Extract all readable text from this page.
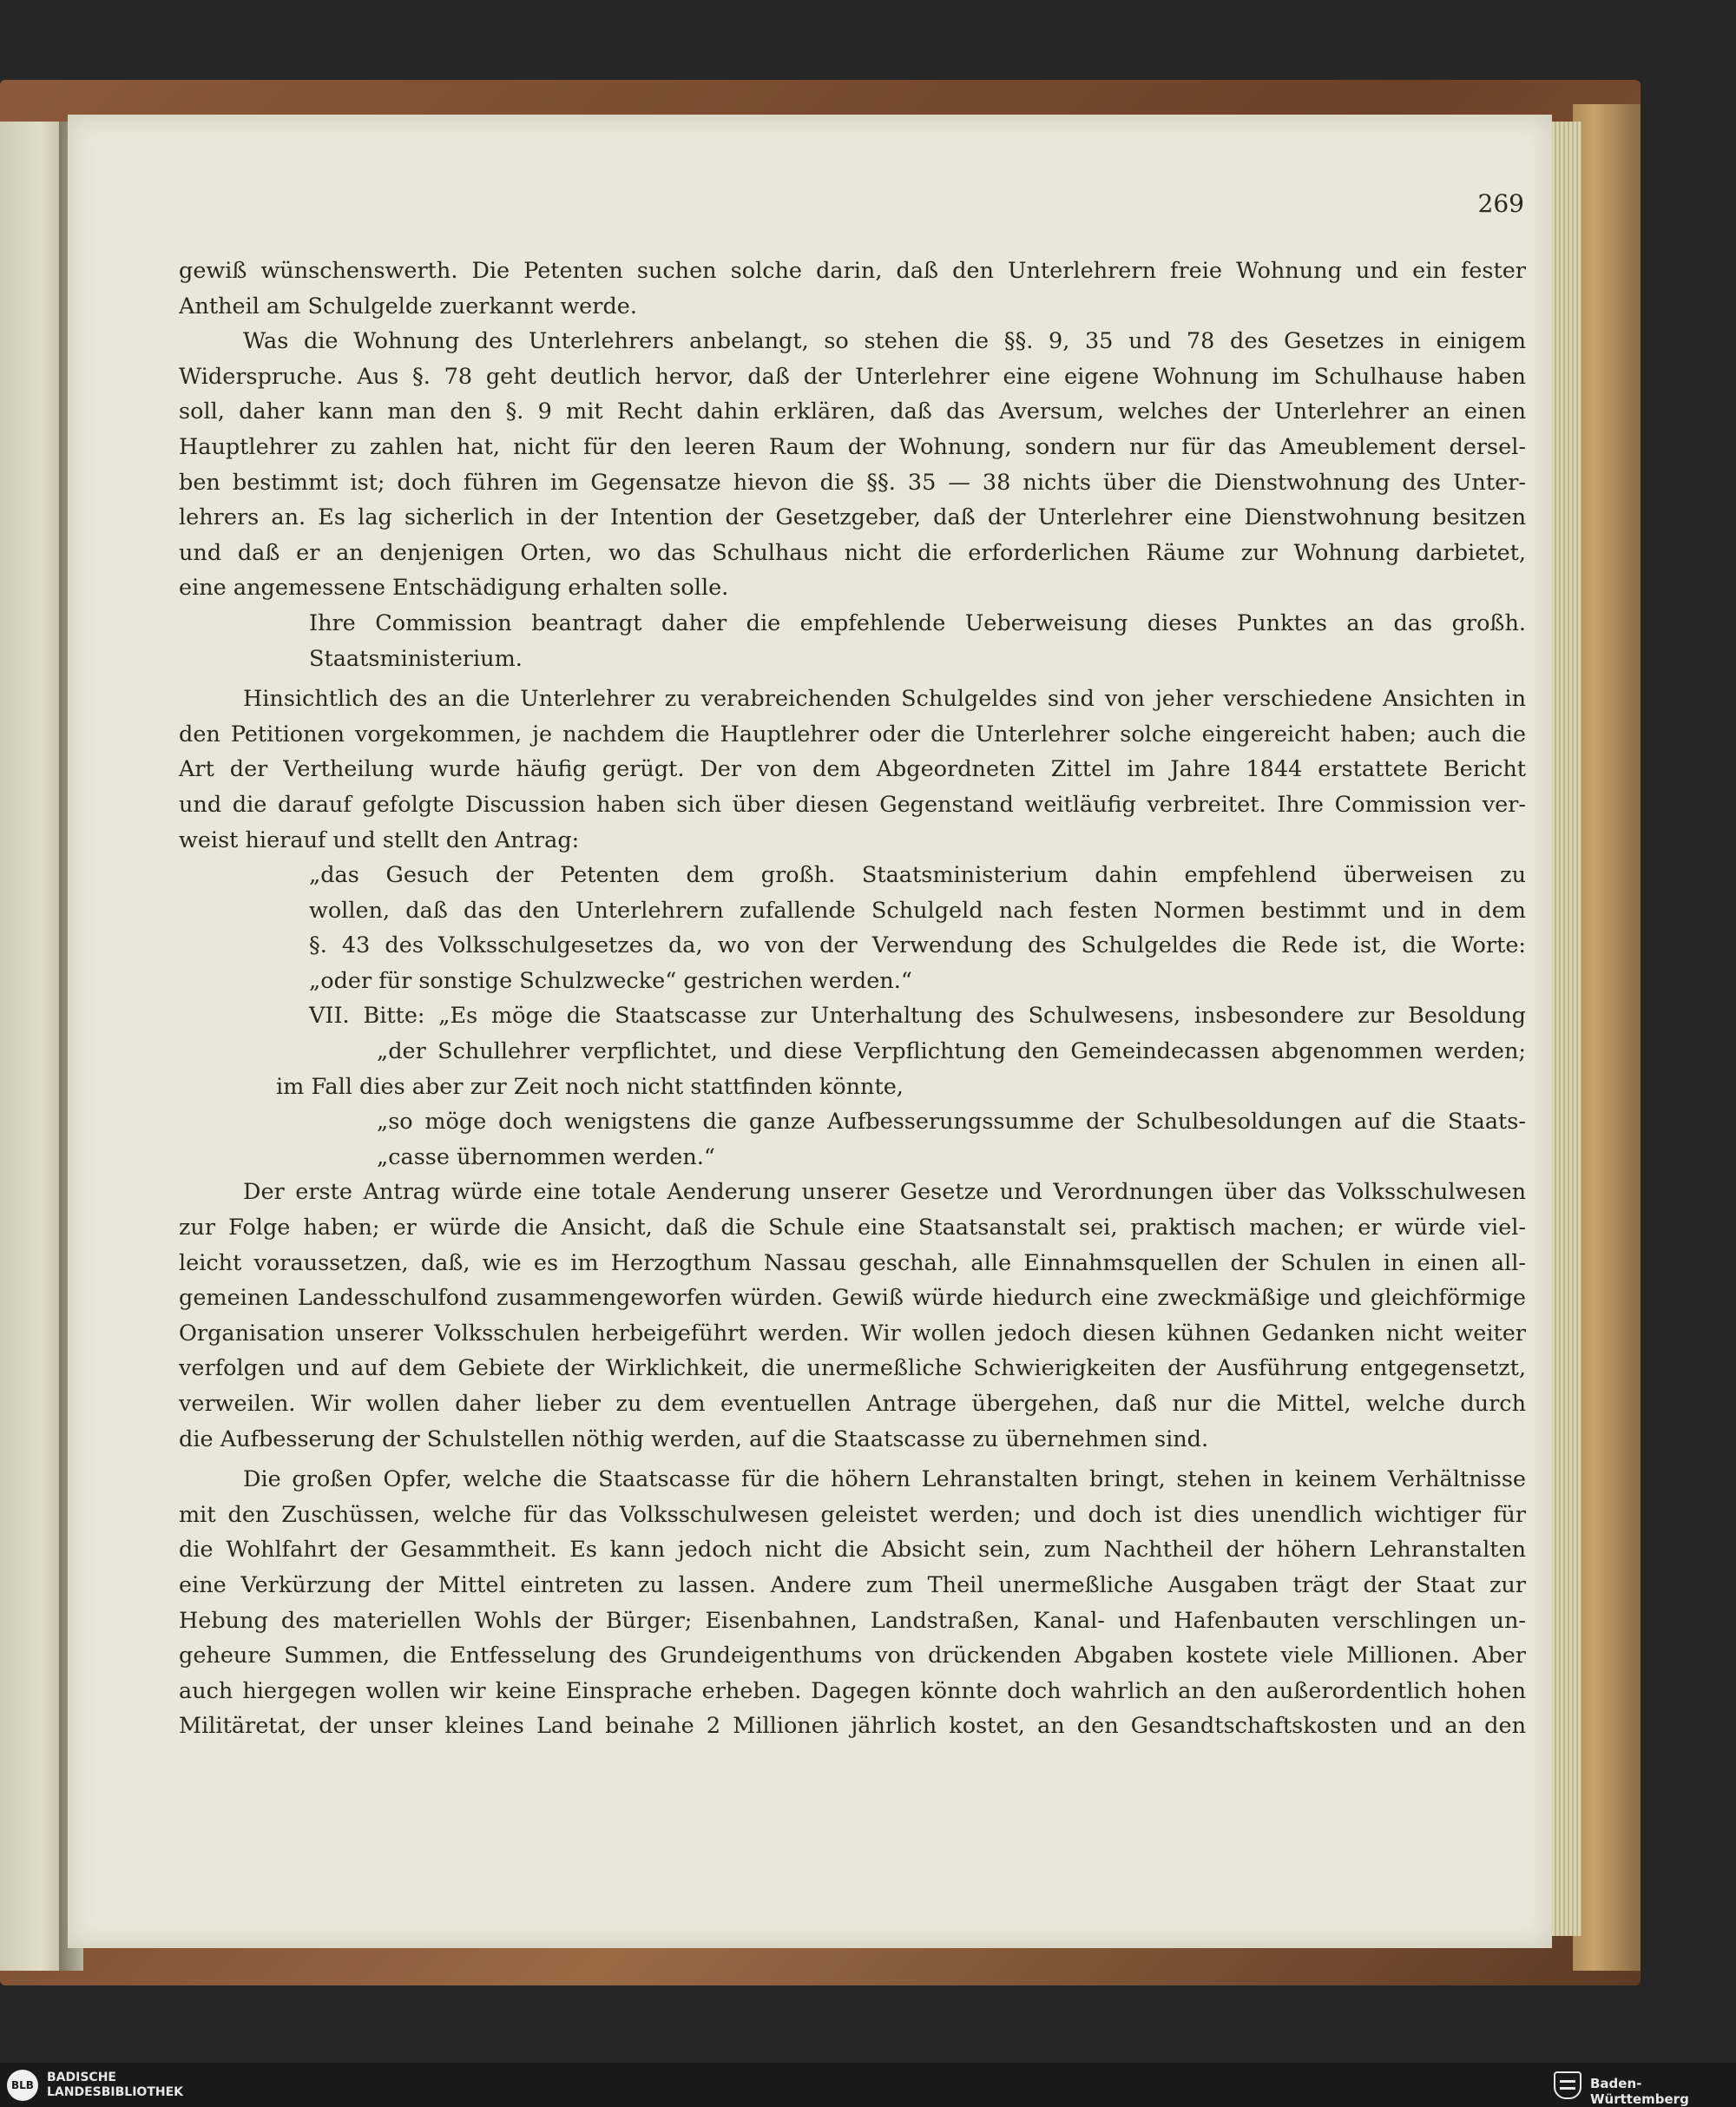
269
gewiß wünschenswerth. Die Petenten suchen solche darin, daß den Unterlehrern freie Wohnung und ein fester
Antheil am Schulgelde zuerkannt werde.
Was die Wohnung des Unterlehrers anbelangt, so stehen die §§. 9, 35 und 78 des Gesetzes in einigem
Widerspruche. Aus §. 78 geht deutlich hervor, daß der Unterlehrer eine eigene Wohnung im Schulhause haben
soll, daher kann man den §. 9 mit Recht dahin erklären, daß das Aversum, welches der Unterlehrer an einen
Hauptlehrer zu zahlen hat, nicht für den leeren Raum der Wohnung, sondern nur für das Ameublement dersel-
ben bestimmt ist; doch führen im Gegensatze hievon die §§. 35 — 38 nichts über die Dienstwohnung des Unter-
lehrers an. Es lag sicherlich in der Intention der Gesetzgeber, daß der Unterlehrer eine Dienstwohnung besitzen
und daß er an denjenigen Orten, wo das Schulhaus nicht die erforderlichen Räume zur Wohnung darbietet,
eine angemessene Entschädigung erhalten solle.
Ihre Commission beantragt daher die empfehlende Ueberweisung dieses Punktes an das großh.
Staatsministerium.
Hinsichtlich des an die Unterlehrer zu verabreichenden Schulgeldes sind von jeher verschiedene Ansichten in
den Petitionen vorgekommen, je nachdem die Hauptlehrer oder die Unterlehrer solche eingereicht haben; auch die
Art der Vertheilung wurde häufig gerügt. Der von dem Abgeordneten Zittel im Jahre 1844 erstattete Bericht
und die darauf gefolgte Discussion haben sich über diesen Gegenstand weitläufig verbreitet. Ihre Commission ver-
weist hierauf und stellt den Antrag:
„das Gesuch der Petenten dem großh. Staatsministerium dahin empfehlend überweisen zu
wollen, daß das den Unterlehrern zufallende Schulgeld nach festen Normen bestimmt und in dem
§. 43 des Volksschulgesetzes da, wo von der Verwendung des Schulgeldes die Rede ist, die Worte:
„oder für sonstige Schulzwecke“ gestrichen werden.“
VII. Bitte: „Es möge die Staatscasse zur Unterhaltung des Schulwesens, insbesondere zur Besoldung
„der Schullehrer verpflichtet, und diese Verpflichtung den Gemeindecassen abgenommen werden;
im Fall dies aber zur Zeit noch nicht stattfinden könnte,
„so möge doch wenigstens die ganze Aufbesserungssumme der Schulbesoldungen auf die Staats-
„casse übernommen werden.“
Der erste Antrag würde eine totale Aenderung unserer Gesetze und Verordnungen über das Volksschulwesen
zur Folge haben; er würde die Ansicht, daß die Schule eine Staatsanstalt sei, praktisch machen; er würde viel-
leicht voraussetzen, daß, wie es im Herzogthum Nassau geschah, alle Einnahmsquellen der Schulen in einen all-
gemeinen Landesschulfond zusammengeworfen würden. Gewiß würde hiedurch eine zweckmäßige und gleichförmige
Organisation unserer Volksschulen herbeigeführt werden. Wir wollen jedoch diesen kühnen Gedanken nicht weiter
verfolgen und auf dem Gebiete der Wirklichkeit, die unermeßliche Schwierigkeiten der Ausführung entgegensetzt,
verweilen. Wir wollen daher lieber zu dem eventuellen Antrage übergehen, daß nur die Mittel, welche durch
die Aufbesserung der Schulstellen nöthig werden, auf die Staatscasse zu übernehmen sind.
Die großen Opfer, welche die Staatscasse für die höhern Lehranstalten bringt, stehen in keinem Verhältnisse
mit den Zuschüssen, welche für das Volksschulwesen geleistet werden; und doch ist dies unendlich wichtiger für
die Wohlfahrt der Gesammtheit. Es kann jedoch nicht die Absicht sein, zum Nachtheil der höhern Lehranstalten
eine Verkürzung der Mittel eintreten zu lassen. Andere zum Theil unermeßliche Ausgaben trägt der Staat zur
Hebung des materiellen Wohls der Bürger; Eisenbahnen, Landstraßen, Kanal- und Hafenbauten verschlingen un-
geheure Summen, die Entfesselung des Grundeigenthums von drückenden Abgaben kostete viele Millionen. Aber
auch hiergegen wollen wir keine Einsprache erheben. Dagegen könnte doch wahrlich an den außerordentlich hohen
Militäretat, der unser kleines Land beinahe 2 Millionen jährlich kostet, an den Gesandtschaftskosten und an den
BLB
BADISCHE
LANDESBIBLIOTHEK
Baden-Württemberg
